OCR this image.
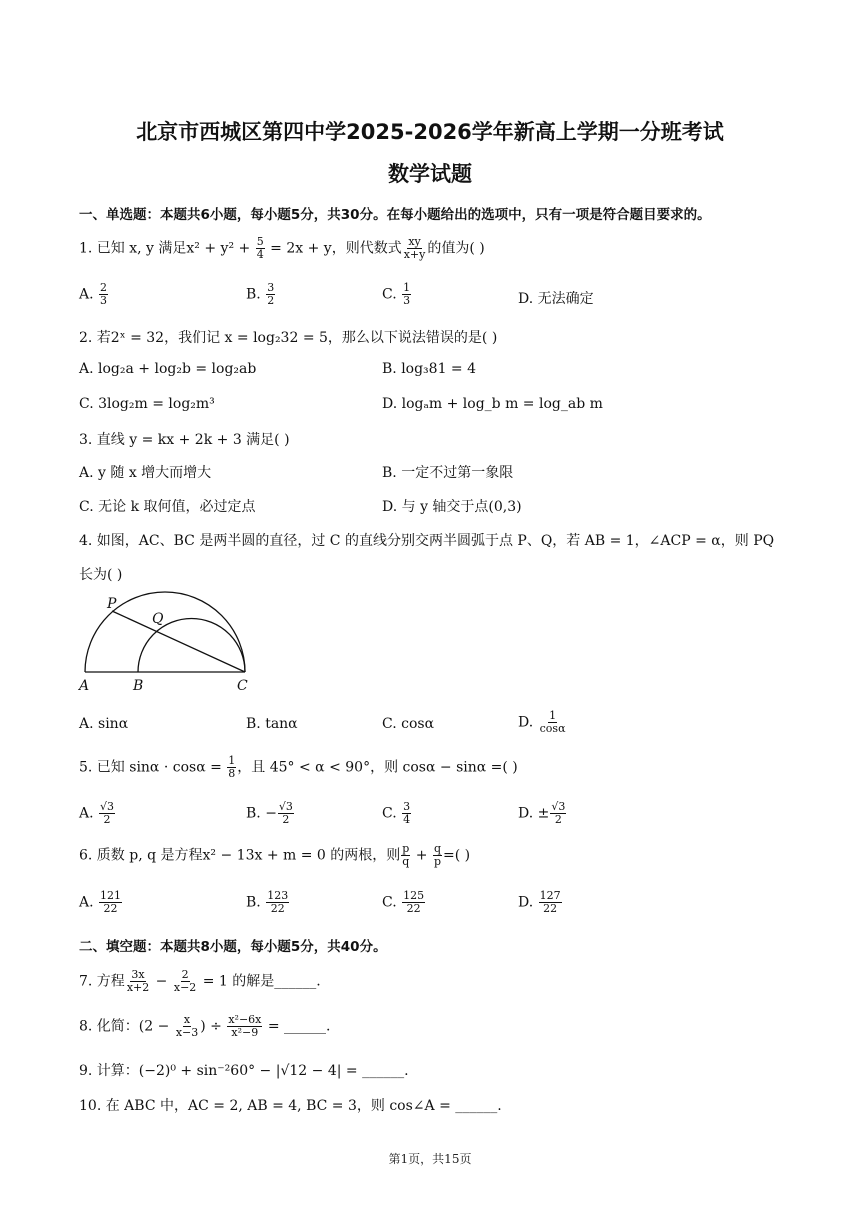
北京市西城区第四中学2025-2026学年新高上学期一分班考试
数学试题
一、单选题：本题共6小题，每小题5分，共30分。在每小题给出的选项中，只有一项是符合题目要求的。
1. 已知 x, y 满足$x^2 + y^2 + \frac{5}{4} = 2x + y$，则代数式 $\frac{xy}{x+y}$ 的值为( )
A. $\frac{2}{3}$	B. $\frac{3}{2}$	C. $\frac{1}{3}$	D. 无法确定
2. 若2ˣ = 32，我们记 x = log₂32 = 5，那么以下说法错误的是( )
A. log₂a + log₂b = log₂ab	B. log₃81 = 4
C. 3log₂m = log₂m³	D. logₐm + log_b m = log_ab m
3. 直线 y = kx + 2k + 3 满足( )
A. y 随 x 增大而增大	B. 一定不过第一象限
C. 无论 k 取何值，必过定点	D. 与 y 轴交于点(0,3)
4. 如图，AC、BC 是两半圆的直径，过 C 的直线分别交两半圆弧于点 P、Q，若 AB = 1，∠ACP = α，则 PQ
长为( )
P
Q
A	B	C
A. sinα	B. tanα	C. cosα	D. $\frac{1}{\cos\alpha}$
5. 已知 $\sin\alpha \cdot \cos\alpha = \frac{1}{8}$ ，且 45° < α < 90°，则 cosα − sinα =( )
A. $\frac{√3}{2}$	B. − $\frac{√3}{2}$	C. $\frac{3}{4}$	D. ± $\frac{√3}{2}$
6. 质数 p, q 是方程x² − 13x + m = 0 的两根，则 $\frac{p}{q} + \frac{q}{p}$ =( )
A. $\frac{121}{22}$	B. $\frac{123}{22}$	C. $\frac{125}{22}$	D. $\frac{127}{22}$
二、填空题：本题共8小题，每小题5分，共40分。
7. 方程 $\frac{3x}{x+2} - \frac{2}{x-2} = 1$ 的解是______.
8. 化简：($2 - \frac{x}{x-3}$ ) ÷ $\frac{\text{x²−6x}}{\text{x²−9}}$ = ______.
9. 计算：(−2)⁰ + sin⁻²60° − |√12 − 4| = ______.
10. 在 ABC 中，AC = 2, AB = 4, BC = 3，则 cos∠A = ______.
第1页，共15页
